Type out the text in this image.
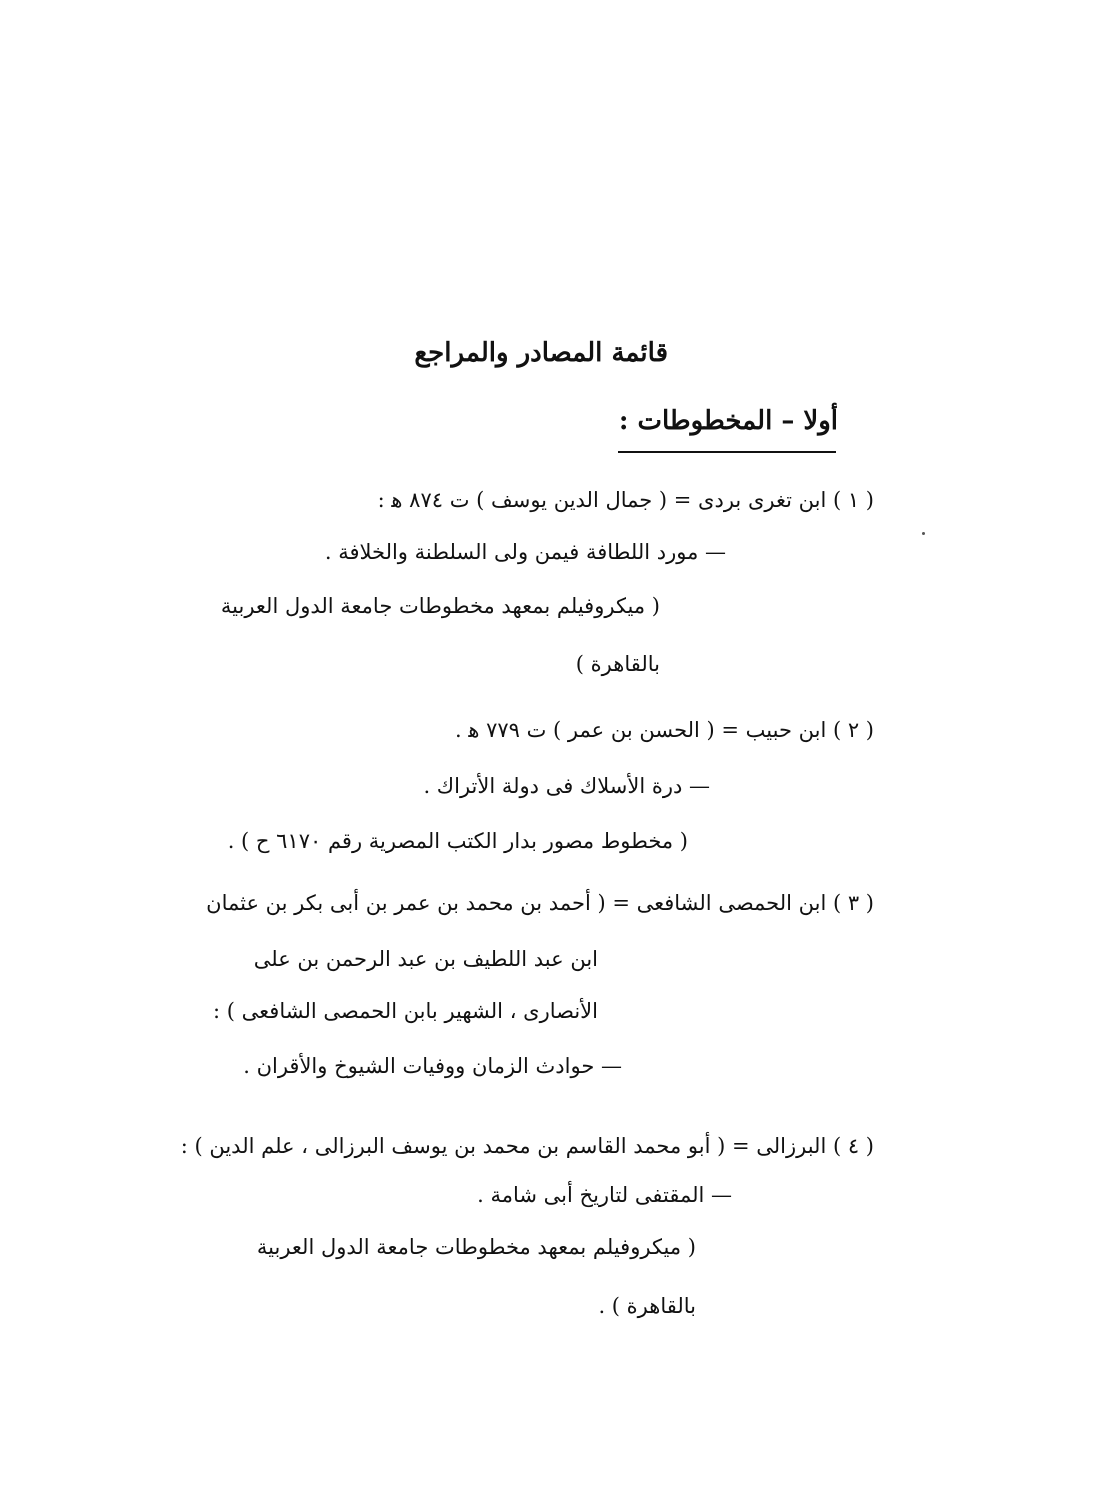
قائمة المصادر والمراجع
أولا – المخطوطات :
( ١ ) ابن تغرى بردى = ( جمال الدين يوسف ) ت ٨٧٤ ﻫ :
— مورد اللطافة فيمن ولى السلطنة والخلافة .
( ميكروفيلم بمعهد مخطوطات جامعة الدول العربية
بالقاهرة )
( ٢ ) ابن حبيب = ( الحسن بن عمر ) ت ٧٧٩ ﻫ .
— درة الأسلاك فى دولة الأتراك .
( مخطوط مصور بدار الكتب المصرية رقم ٦١٧٠ ح ) .
( ٣ ) ابن الحمصى الشافعى = ( أحمد بن محمد بن عمر بن أبى بكر بن عثمان
ابن عبد اللطيف بن عبد الرحمن بن على
الأنصارى ، الشهير بابن الحمصى الشافعى ) :
— حوادث الزمان ووفيات الشيوخ والأقران .
( ٤ ) البرزالى = ( أبو محمد القاسم بن محمد بن يوسف البرزالى ، علم الدين ) :
— المقتفى لتاريخ أبى شامة .
( ميكروفيلم بمعهد مخطوطات جامعة الدول العربية
بالقاهرة ) .
